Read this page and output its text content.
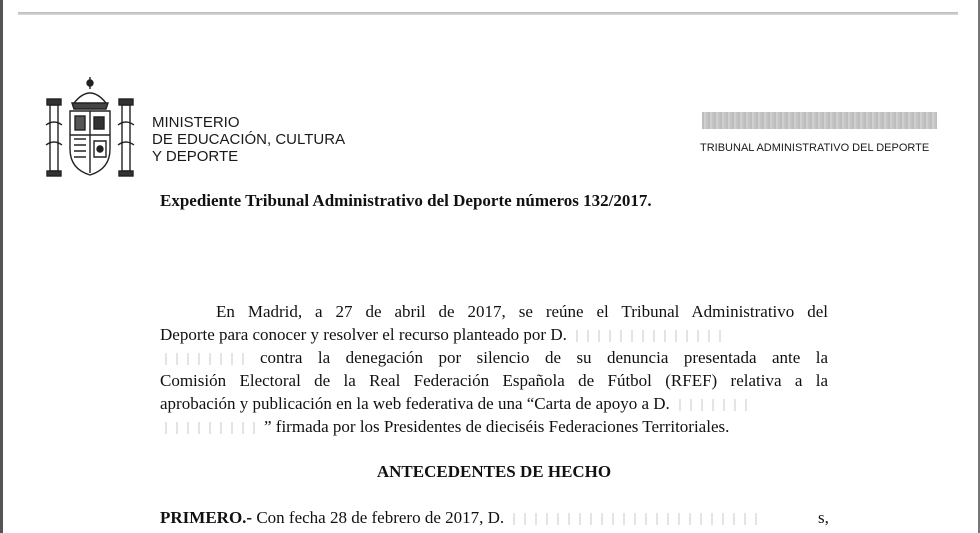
MINISTERIO
DE EDUCACIÓN, CULTURA
Y DEPORTE	TRIBUNAL ADMINISTRATIVO DEL DEPORTE
Expediente Tribunal Administrativo del Deporte números 132/2017.
En Madrid, a 27 de abril de 2017, se reúne el Tribunal Administrativo del
Deporte para conocer y resolver el recurso planteado por D.
contra la denegación por silencio de su denuncia presentada ante la
Comisión Electoral de la Real Federación Española de Fútbol (RFEF) relativa a la
aprobación y publicación en la web federativa de una “Carta de apoyo a D.
” firmada por los Presidentes de dieciséis Federaciones Territoriales.
ANTECEDENTES DE HECHO
PRIMERO.- Con fecha 28 de febrero de 2017, D.	s,
